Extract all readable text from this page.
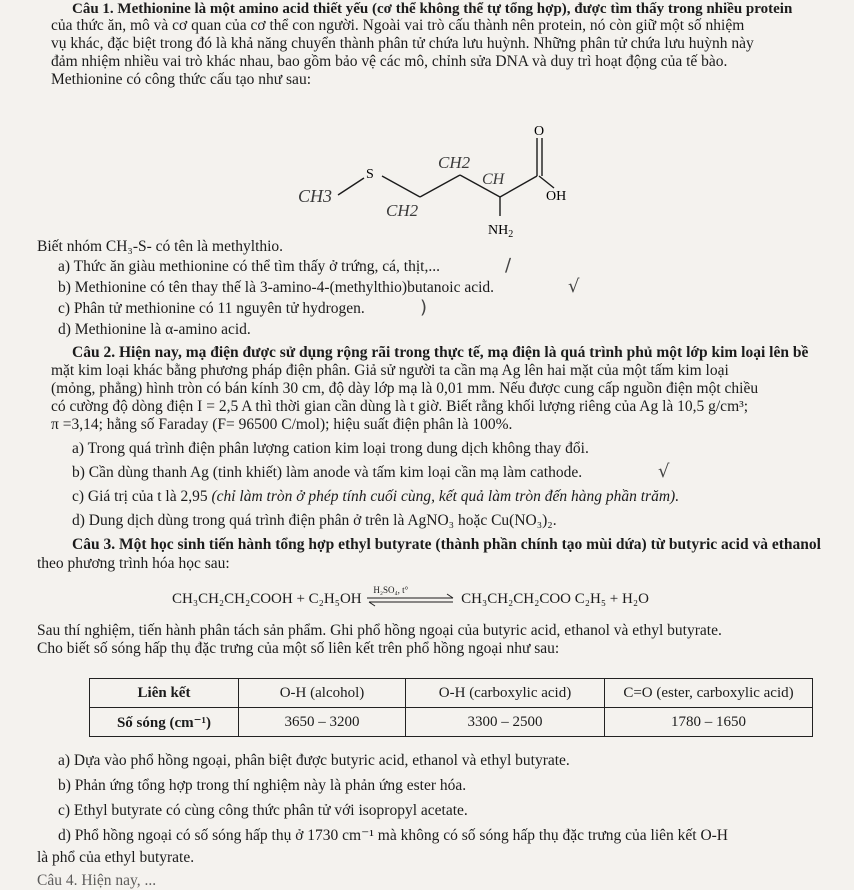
Câu 1. Methionine là một amino acid thiết yếu (cơ thể không thể tự tổng hợp), được tìm thấy trong nhiều protein
của thức ăn, mô và cơ quan của cơ thể con người. Ngoài vai trò cấu thành nên protein, nó còn giữ một số nhiệm
vụ khác, đặc biệt trong đó là khả năng chuyển thành phân tử chứa lưu huỳnh. Những phân tử chứa lưu huỳnh này
đảm nhiệm nhiều vai trò khác nhau, bao gồm bảo vệ các mô, chỉnh sửa DNA và duy trì hoạt động của tế bào.
Methionine có công thức cấu tạo như sau:
O
OH
S
$NH_2$
CH3
CH2
CH2
CH
Biết nhóm CH₃-S- có tên là methylthio.
a) Thức ăn giàu methionine có thể tìm thấy ở trứng, cá, thịt,...	∕
b) Methionine có tên thay thế là 3-amino-4-(methylthio)butanoic acid.	√
c) Phân tử methionine có 11 nguyên tử hydrogen.	)
d) Methionine là α-amino acid.
Câu 2. Hiện nay, mạ điện được sử dụng rộng rãi trong thực tế, mạ điện là quá trình phủ một lớp kim loại lên bề
mặt kim loại khác bằng phương pháp điện phân. Giả sử người ta cần mạ Ag lên hai mặt của một tấm kim loại
(mỏng, phẳng) hình tròn có bán kính 30 cm, độ dày lớp mạ là 0,01 mm. Nếu được cung cấp nguồn điện một chiều
có cường độ dòng điện I = 2,5 A thì thời gian cần dùng là t giờ. Biết rằng khối lượng riêng của Ag là 10,5 g/cm³;
π =3,14; hằng số Faraday (F= 96500 C/mol); hiệu suất điện phân là 100%.
a) Trong quá trình điện phân lượng cation kim loại trong dung dịch không thay đổi.
b) Cần dùng thanh Ag (tinh khiết) làm anode và tấm kim loại cần mạ làm cathode.	√
c) Giá trị của t là 2,95 (chỉ làm tròn ở phép tính cuối cùng, kết quả làm tròn đến hàng phần trăm).
d) Dung dịch dùng trong quá trình điện phân ở trên là AgNO₃ hoặc Cu(NO₃)₂.
Câu 3. Một học sinh tiến hành tổng hợp ethyl butyrate (thành phần chính tạo mùi dứa) từ butyric acid và ethanol
theo phương trình hóa học sau:
CH₃CH₂CH₂COOH + C₂H₅OH
H₂SO₄, t°
CH₃CH₂CH₂COO C₂H₅ + H₂O
Sau thí nghiệm, tiến hành phân tách sản phẩm. Ghi phổ hồng ngoại của butyric acid, ethanol và ethyl butyrate.
Cho biết số sóng hấp thụ đặc trưng của một số liên kết trên phổ hồng ngoại như sau:
Liên kết	O-H (alcohol)	O-H (carboxylic acid)	C=O (ester, carboxylic acid)
Số sóng (cm⁻¹)	3650 – 3200	3300 – 2500	1780 – 1650
a) Dựa vào phổ hồng ngoại, phân biệt được butyric acid, ethanol và ethyl butyrate.
b) Phản ứng tổng hợp trong thí nghiệm này là phản ứng ester hóa.
c) Ethyl butyrate có cùng công thức phân tử với isopropyl acetate.
d) Phổ hồng ngoại có số sóng hấp thụ ở 1730 cm⁻¹ mà không có số sóng hấp thụ đặc trưng của liên kết O-H
là phổ của ethyl butyrate.
Câu 4. Hiện nay, ...
